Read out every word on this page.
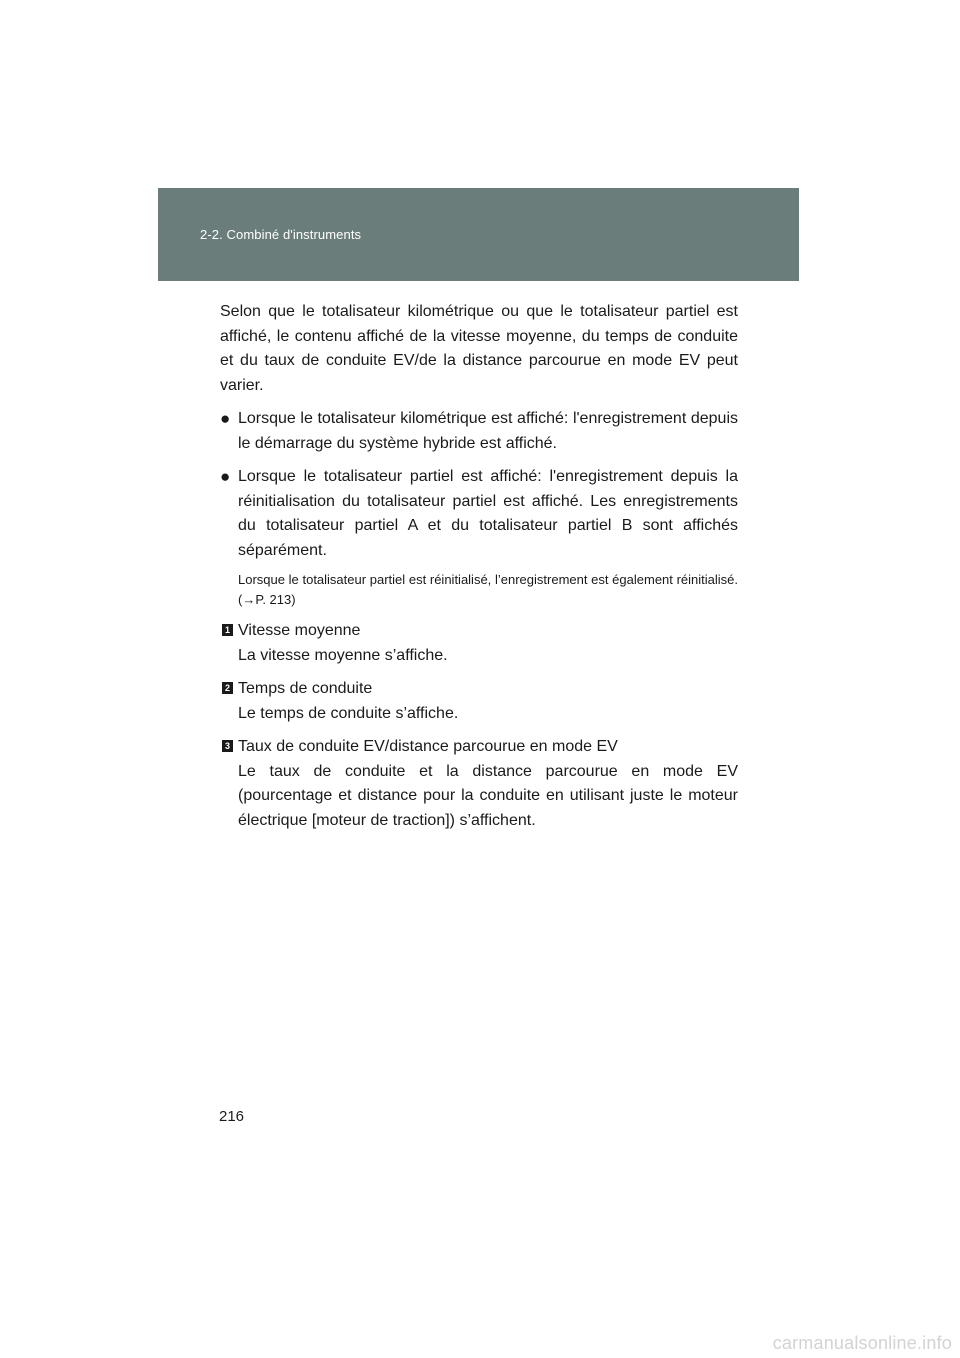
2-2. Combiné d'instruments

Selon que le totalisateur kilométrique ou que le totalisateur partiel est affiché, le contenu affiché de la vitesse moyenne, du temps de conduite et du taux de conduite EV/de la distance parcourue en mode EV peut varier.

● Lorsque le totalisateur kilométrique est affiché: l'enregistrement depuis le démarrage du système hybride est affiché.
● Lorsque le totalisateur partiel est affiché: l'enregistrement depuis la réinitialisation du totalisateur partiel est affiché. Les enregistrements du totalisateur partiel A et du totalisateur partiel B sont affichés séparément.

Lorsque le totalisateur partiel est réinitialisé, l’enregistrement est également réinitialisé. (→P. 213)

1 Vitesse moyenne
La vitesse moyenne s’affiche.
2 Temps de conduite
Le temps de conduite s’affiche.
3 Taux de conduite EV/distance parcourue en mode EV
Le taux de conduite et la distance parcourue en mode EV (pourcentage et distance pour la conduite en utilisant juste le moteur électrique [moteur de traction]) s’affichent.
216
carmanualsonline.info
